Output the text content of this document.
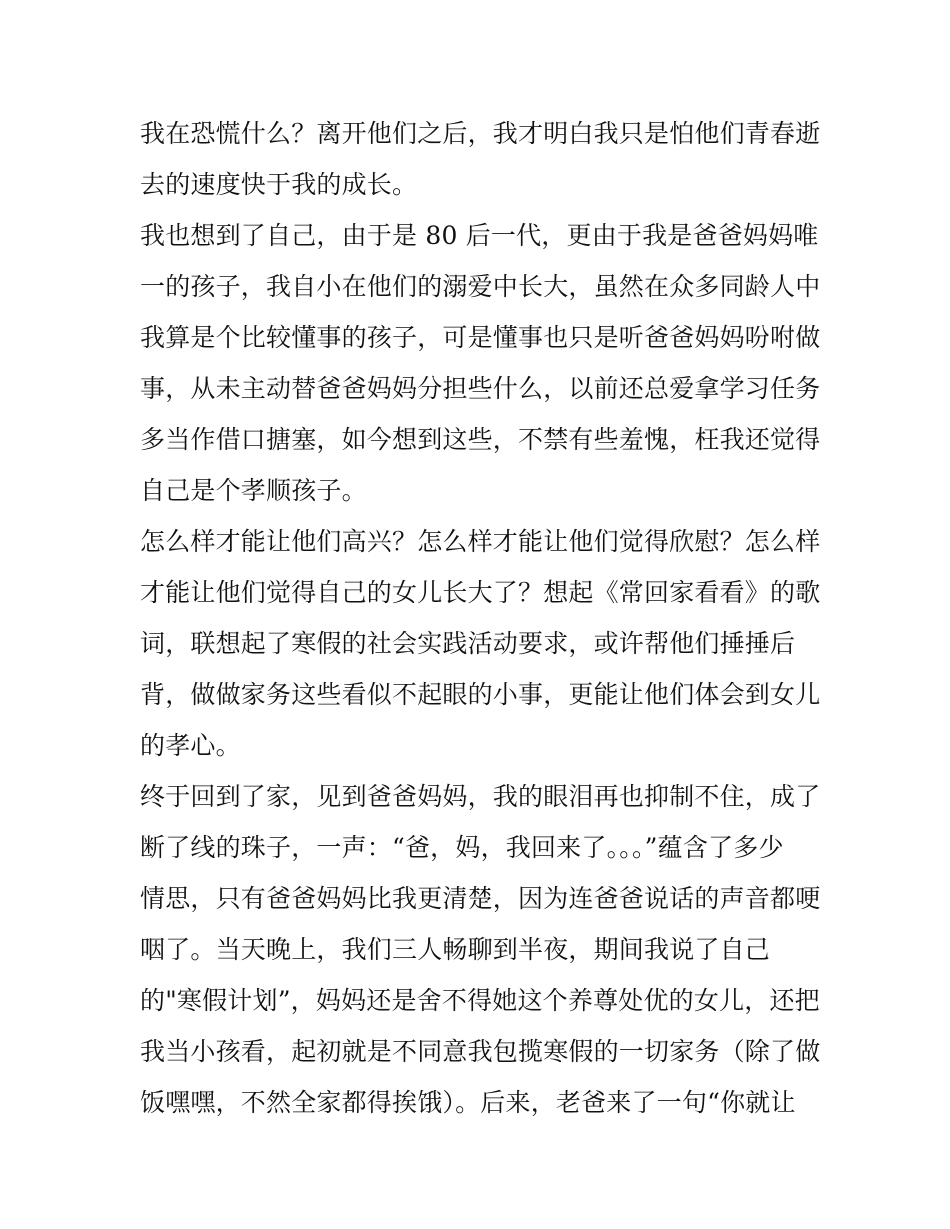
我在恐慌什么？离开他们之后，我才明白我只是怕他们青春逝
去的速度快于我的成长。
我也想到了自己，由于是 80 后一代，更由于我是爸爸妈妈唯
一的孩子，我自小在他们的溺爱中长大，虽然在众多同龄人中
我算是个比较懂事的孩子，可是懂事也只是听爸爸妈妈吩咐做
事，从未主动替爸爸妈妈分担些什么，以前还总爱拿学习任务
多当作借口搪塞，如今想到这些，不禁有些羞愧，枉我还觉得
自己是个孝顺孩子。
怎么样才能让他们高兴？怎么样才能让他们觉得欣慰？怎么样
才能让他们觉得自己的女儿长大了？想起《常回家看看》的歌
词，联想起了寒假的社会实践活动要求，或许帮他们捶捶后
背，做做家务这些看似不起眼的小事，更能让他们体会到女儿
的孝心。
终于回到了家，见到爸爸妈妈，我的眼泪再也抑制不住，成了
断了线的珠子，一声：“爸，妈，我回来了。。。”蕴含了多少
情思，只有爸爸妈妈比我更清楚，因为连爸爸说话的声音都哽
咽了。当天晚上，我们三人畅聊到半夜，期间我说了自己
的"寒假计划”，妈妈还是舍不得她这个养尊处优的女儿，还把
我当小孩看，起初就是不同意我包揽寒假的一切家务（除了做
饭嘿嘿，不然全家都得挨饿）。后来，老爸来了一句“你就让
